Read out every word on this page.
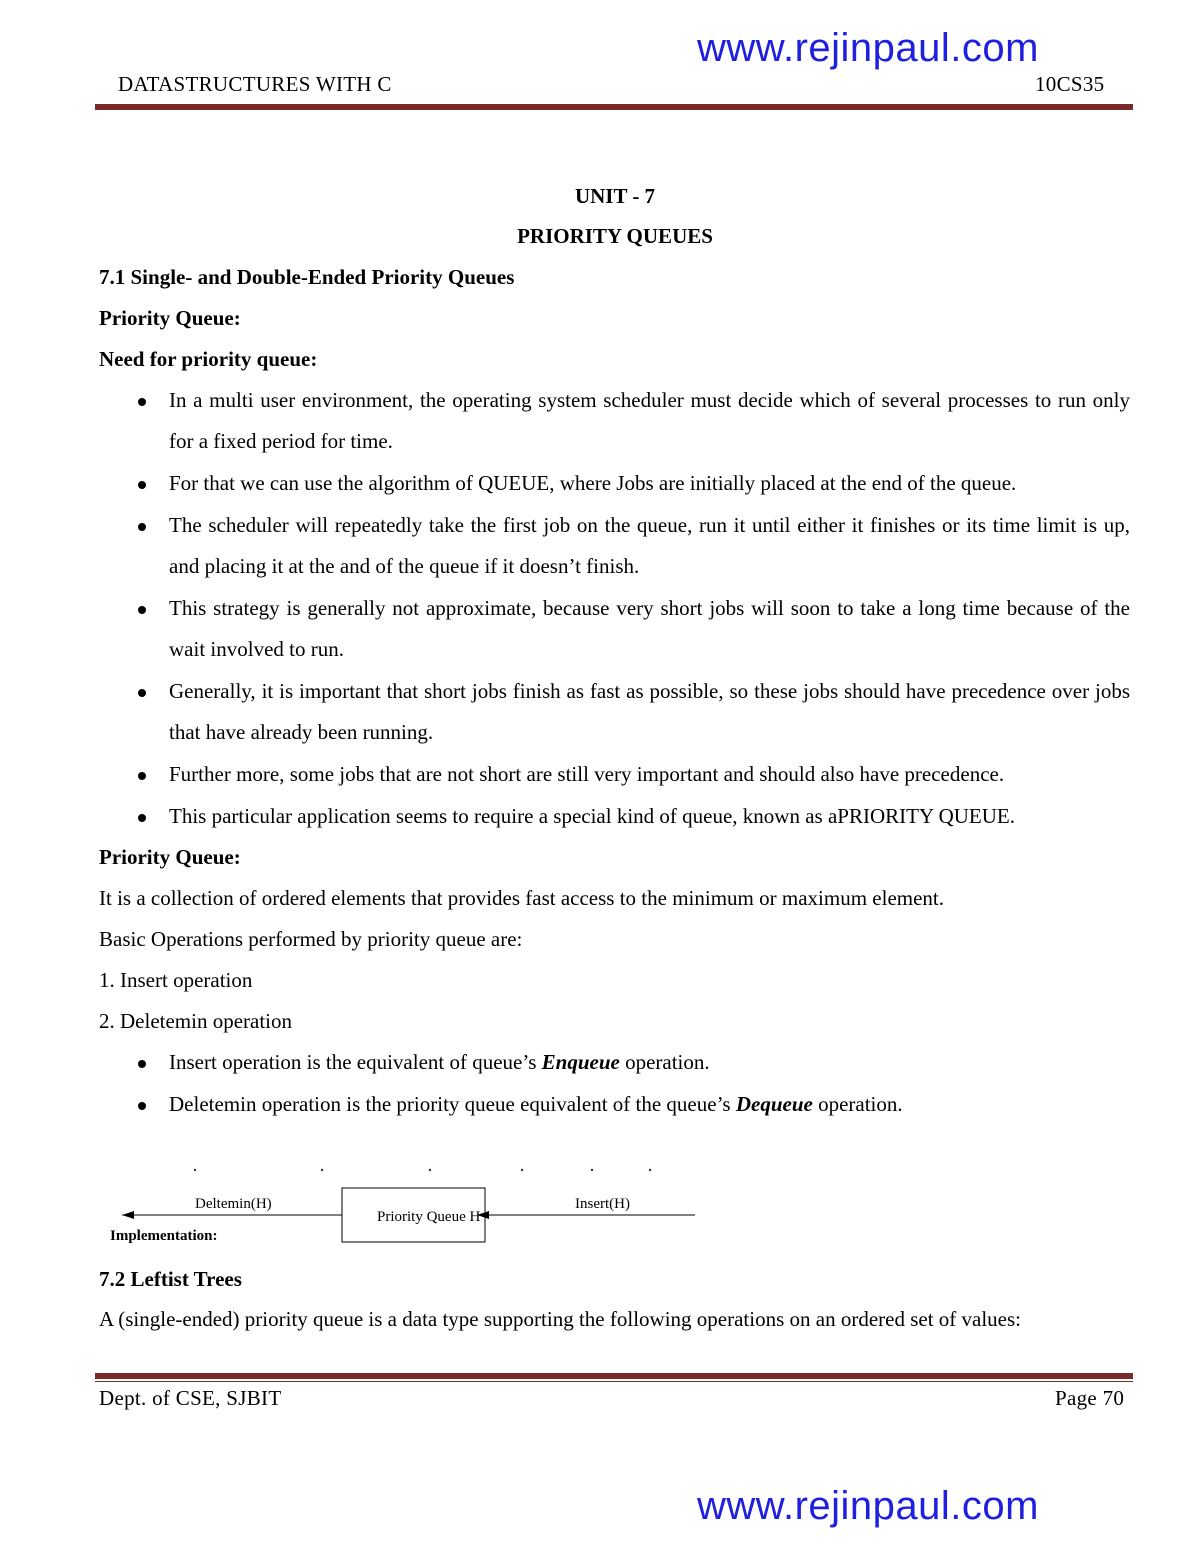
www.rejinpaul.com
DATASTRUCTURES WITH C	10CS35
UNIT - 7
PRIORITY QUEUES
7.1 Single- and Double-Ended Priority Queues
Priority Queue:
Need for priority queue:
In a multi user environment, the operating system scheduler must decide which of several processes to run only for a fixed period for time.
For that we can use the algorithm of QUEUE, where Jobs are initially placed at the end of the queue.
The scheduler will repeatedly take the first job on the queue, run it until either it finishes or its time limit is up, and placing it at the and of the queue if it doesn’t finish.
This strategy is generally not approximate, because very short jobs will soon to take a long time because of the wait involved to run.
Generally, it is important that short jobs finish as fast as possible, so these jobs should have precedence over jobs that have already been running.
Further more, some jobs that are not short are still very important and should also have precedence.
This particular application seems to require a special kind of queue, known as aPRIORITY QUEUE.
Priority Queue:
It is a collection of ordered elements that provides fast access to the minimum or maximum element.
Basic Operations performed by priority queue are:
1. Insert operation
2. Deletemin operation
Insert operation is the equivalent of queue’s Enqueue operation.
Deletemin operation is the priority queue equivalent of the queue’s Dequeue operation.
Deltemin(H)
Priority Queue H
Insert(H)
Implementation:
7.2 Leftist Trees
A (single-ended) priority queue is a data type supporting the following operations on an ordered set of values:
Dept. of CSE, SJBIT	Page 70
www.rejinpaul.com
